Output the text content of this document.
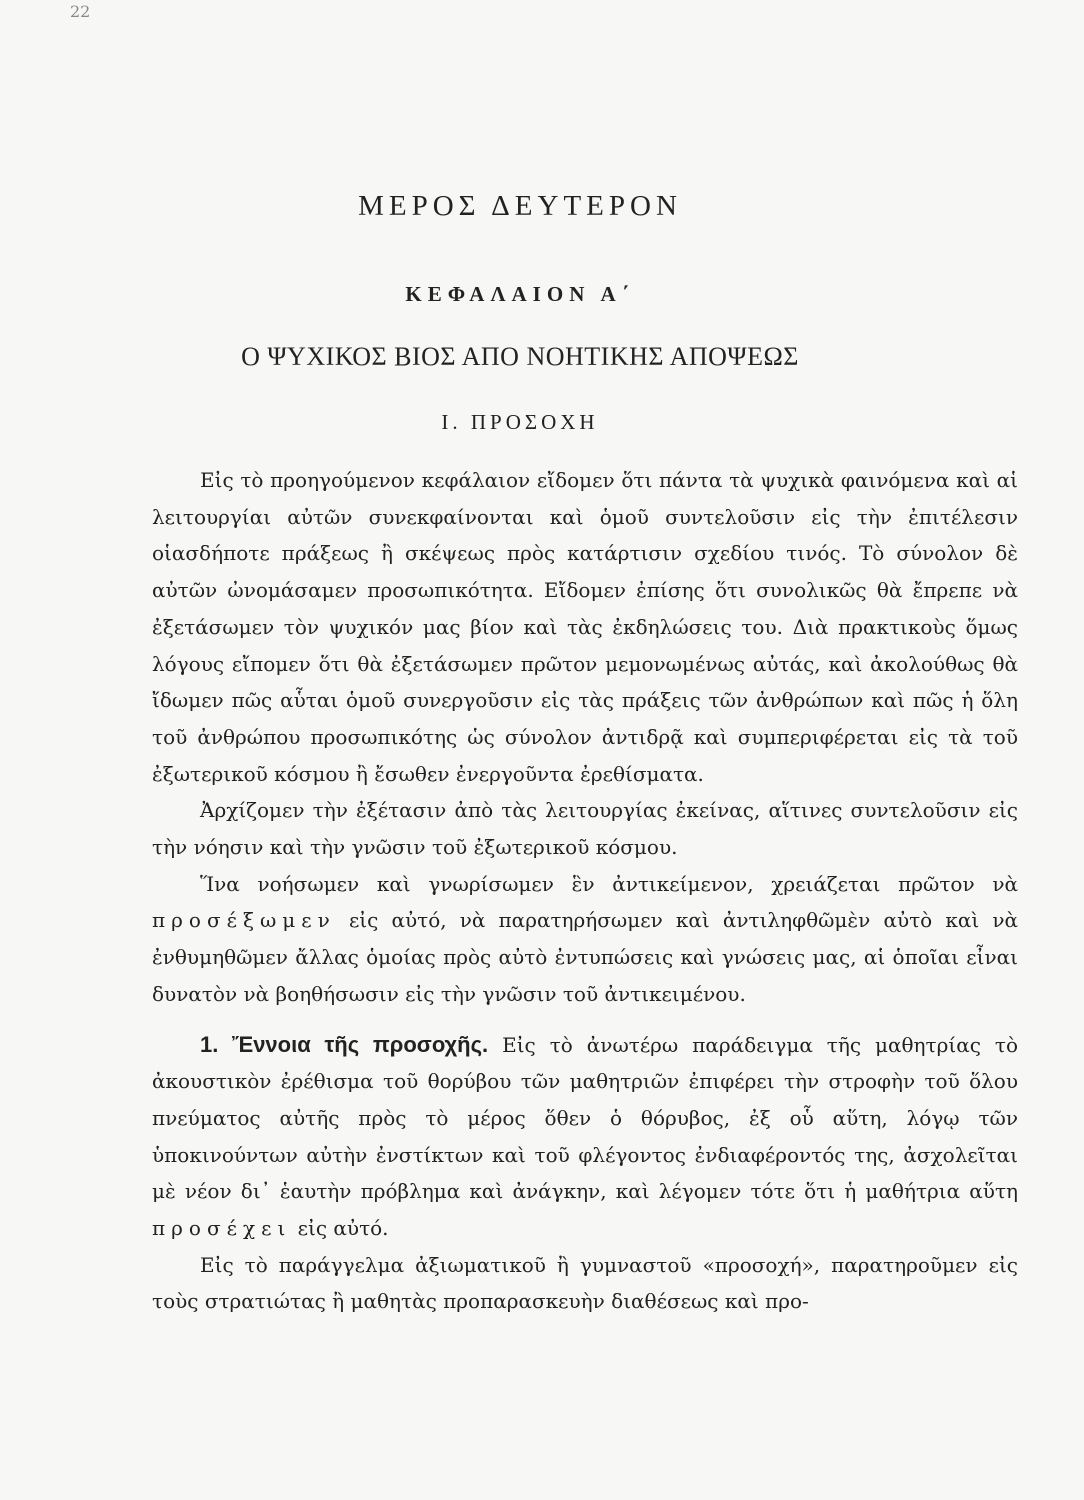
22
ΜΕΡΟΣ ΔΕΥΤΕΡΟΝ
ΚΕΦΑΛΑΙΟΝ Α΄
Ο ΨΥΧΙΚΟΣ ΒΙΟΣ ΑΠΟ ΝΟΗΤΙΚΗΣ ΑΠΟΨΕΩΣ
Ι. ΠΡΟΣΟΧΗ

Εἰς τὸ προηγούμενον κεφάλαιον εἴδομεν ὅτι πάντα τὰ ψυχικὰ φαινόμενα καὶ αἱ λειτουργίαι αὐτῶν συνεκφαίνονται καὶ ὁμοῦ συντελοῦσιν εἰς τὴν ἐπιτέλεσιν οἱασδήποτε πράξεως ἢ σκέψεως πρὸς κατάρτισιν σχεδίου τινός. Τὸ σύνολον δὲ αὐτῶν ὠνομάσαμεν προσωπικότητα. Εἴδομεν ἐπίσης ὅτι συνολικῶς θὰ ἔπρεπε νὰ ἐξετάσωμεν τὸν ψυχικόν μας βίον καὶ τὰς ἐκδηλώσεις του. Διὰ πρακτικοὺς ὅμως λόγους εἴπομεν ὅτι θὰ ἐξετάσωμεν πρῶτον μεμονωμένως αὐτάς, καὶ ἀκολούθως θὰ ἴδωμεν πῶς αὗται ὁμοῦ συνεργοῦσιν εἰς τὰς πράξεις τῶν ἀνθρώπων καὶ πῶς ἡ ὅλη τοῦ ἀνθρώπου προσωπικότης ὡς σύνολον ἀντιδρᾷ καὶ συμπεριφέρεται εἰς τὰ τοῦ ἐξωτερικοῦ κόσμου ἢ ἔσωθεν ἐνεργοῦντα ἐρεθίσματα.

Ἀρχίζομεν τὴν ἐξέτασιν ἀπὸ τὰς λειτουργίας ἐκείνας, αἵτινες συντελοῦσιν εἰς τὴν νόησιν καὶ τὴν γνῶσιν τοῦ ἐξωτερικοῦ κόσμου.

Ἵνα νοήσωμεν καὶ γνωρίσωμεν ἓν ἀντικείμενον, χρειάζεται πρῶτον νὰ προσέξωμεν εἰς αὐτό, νὰ παρατηρήσωμεν καὶ ἀντιληφθῶμὲν αὐτὸ καὶ νὰ ἐνθυμηθῶμεν ἄλλας ὁμοίας πρὸς αὐτὸ ἐντυπώσεις καὶ γνώσεις μας, αἱ ὁποῖαι εἶναι δυνατὸν νὰ βοηθήσωσιν εἰς τὴν γνῶσιν τοῦ ἀντικειμένου.

1. Ἔννοια τῆς προσοχῆς. Εἰς τὸ ἀνωτέρω παράδειγμα τῆς μαθητρίας τὸ ἀκουστικὸν ἐρέθισμα τοῦ θορύβου τῶν μαθητριῶν ἐπιφέρει τὴν στροφὴν τοῦ ὅλου πνεύματος αὐτῆς πρὸς τὸ μέρος ὅθεν ὁ θόρυβος, ἐξ οὗ αὕτη, λόγῳ τῶν ὑποκινούντων αὐτὴν ἐνστίκτων καὶ τοῦ φλέγοντος ἐνδιαφέροντός της, ἀσχολεῖται μὲ νέον δι᾽ ἑαυτὴν πρόβλημα καὶ ἀνάγκην, καὶ λέγομεν τότε ὅτι ἡ μαθήτρια αὕτη προσέχει εἰς αὐτό.

Εἰς τὸ παράγγελμα ἀξιωματικοῦ ἢ γυμναστοῦ «προσοχή», παρατηροῦμεν εἰς τοὺς στρατιώτας ἢ μαθητὰς προπαρασκευὴν διαθέσεως καὶ προ-
